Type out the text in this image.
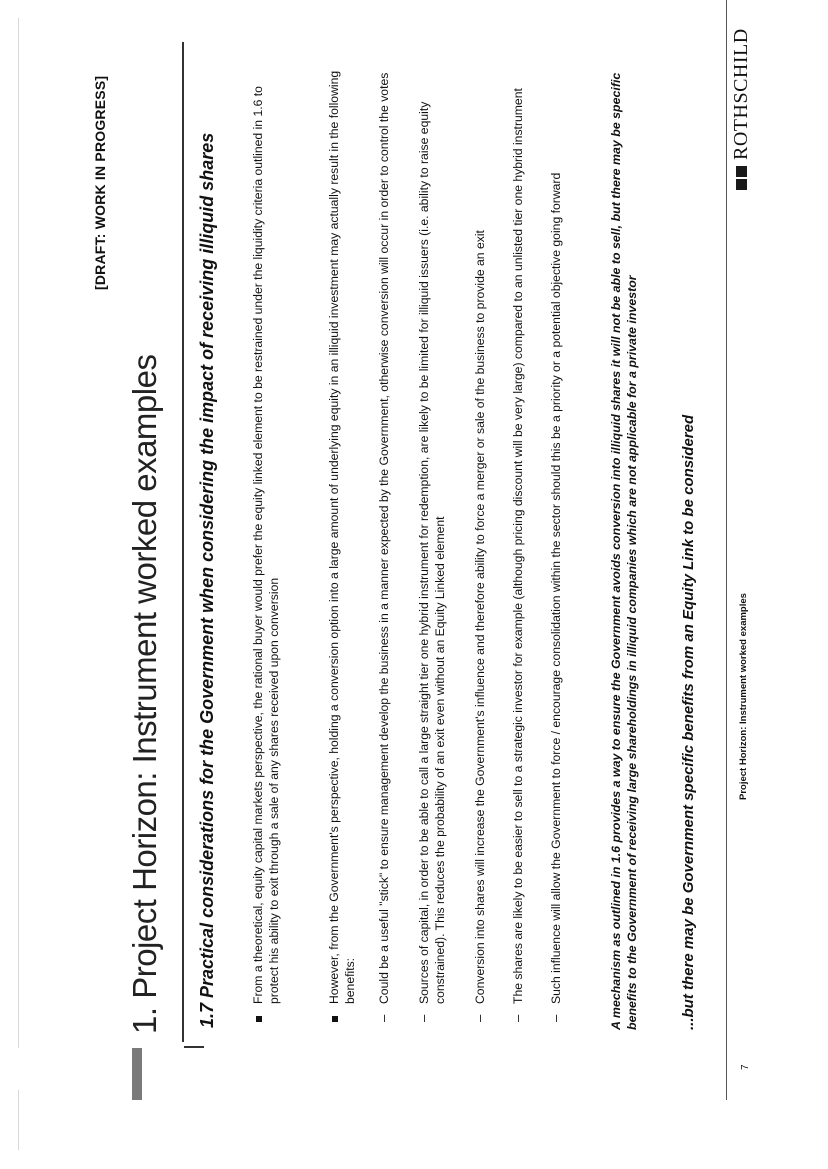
[DRAFT: WORK IN PROGRESS]
1. Project Horizon: Instrument worked examples 1.7 Practical considerations for the Government when considering the impact of receiving illiquid shares	From a theoretical, equity capital markets perspective, the rational buyer would prefer the equity linked element to be restrained under the liquidity criteria outlined in 1.6 to protect his ability to exit through a sale of any shares received upon conversion	However, from the Government's perspective, holding a conversion option into a large amount of underlying equity in an illiquid investment may actually result in the following benefits:
–
Could be a useful "stick" to ensure management develop the business in a manner expected by the Government, otherwise conversion will occur in order to control the votes
–
Sources of capital, in order to be able to call a large straight tier one hybrid instrument for redemption, are likely to be limited for illiquid issuers (i.e. ability to raise equity constrained). This reduces the probability of an exit even without an Equity Linked element
–
Conversion into shares will increase the Government's influence and therefore ability to force a merger or sale of the business to provide an exit
–
The shares are likely to be easier to sell to a strategic investor for example (although pricing discount will be very large) compared to an unlisted tier one hybrid instrument
–
Such influence will allow the Government to force / encourage consolidation within the sector should this be a priority or a potential objective going forward	A mechanism as outlined in 1.6 provides a way to ensure the Government avoids conversion into illiquid shares it will not be able to sell, but there may be specific benefits to the Government of receiving large shareholdings in illiquid companies which are not applicable for a private investor	...but there may be Government specific benefits from an Equity Link to be considered
7
Project Horizon: Instrument worked examples
ROTHSCHILD
